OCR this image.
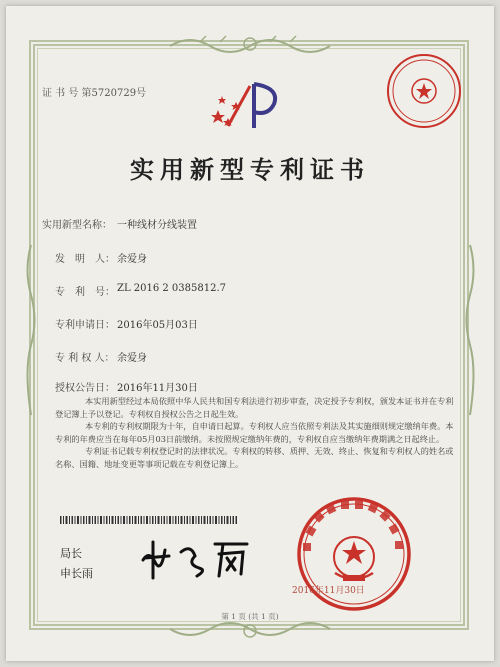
证 书 号 第5720729号
实用新型专利证书
实用新型名称： 一种线材分线装置
发　明　人： 余爱身
专　利　号： ZL 2016 2 0385812.7
专利申请日： 2016年05月03日
专 利 权 人： 余爱身
授权公告日： 2016年11月30日

本实用新型经过本局依照中华人民共和国专利法进行初步审查，决定授予专利权，颁发本证书并在专利登记簿上予以登记。专利权自授权公告之日起生效。

本专利的专利权期限为十年，自申请日起算。专利权人应当依照专利法及其实施细则规定缴纳年费。本专利的年费应当在每年05月03日前缴纳。未按照规定缴纳年费的，专利权自应当缴纳年费期满之日起终止。

专利证书记载专利权登记时的法律状况。专利权的转移、质押、无效、终止、恢复和专利权人的姓名或名称、国籍、地址变更等事项记载在专利登记簿上。

局长
申长雨
2016年11月30日
第 1 页 (共 1 页)
